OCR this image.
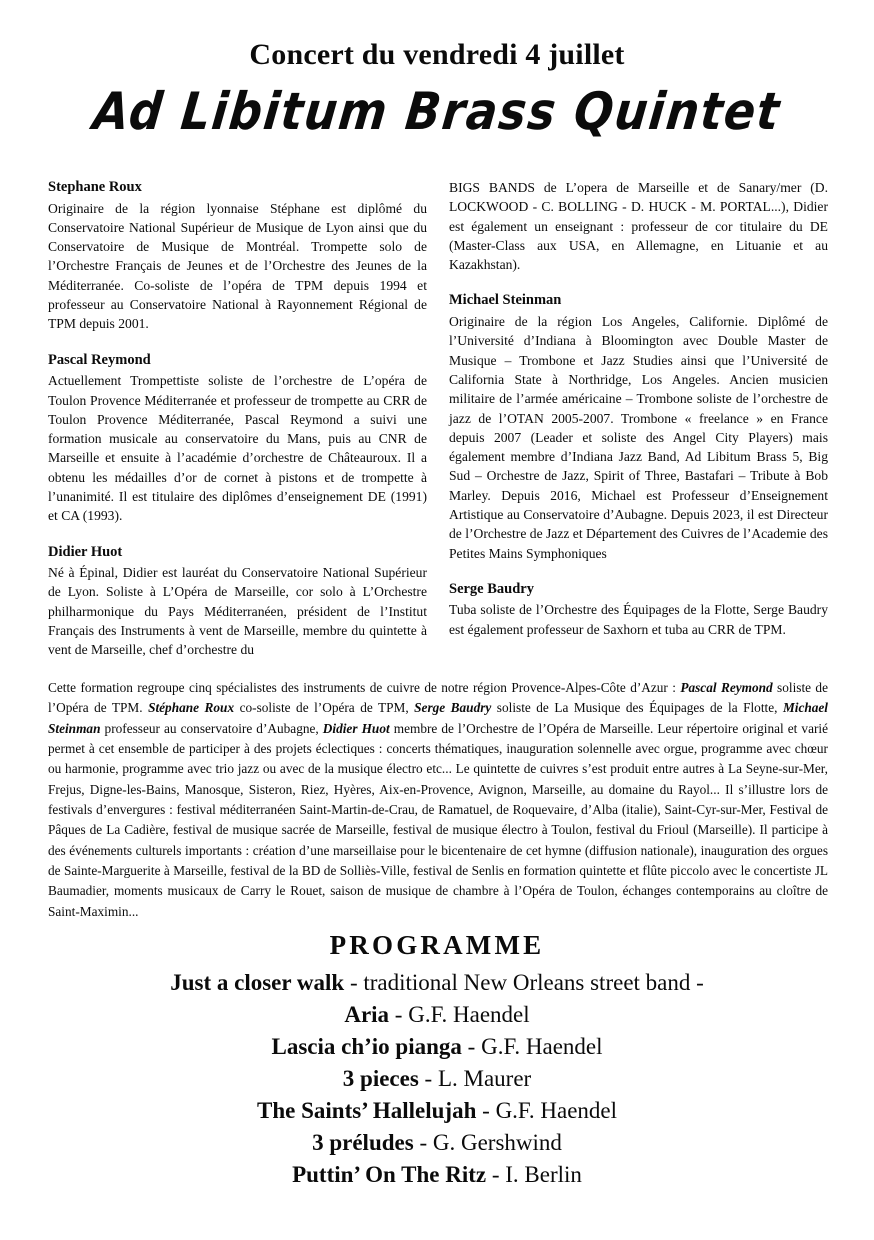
Concert du vendredi 4 juillet
Ad Libitum Brass Quintet
Stephane Roux

Originaire de la région lyonnaise Stéphane est diplômé du Conservatoire National Supérieur de Musique de Lyon ainsi que du Conservatoire de Musique de Montréal. Trompette solo de l’Orchestre Français de Jeunes et de l’Orchestre des Jeunes de la Méditerranée. Co-soliste de l’opéra de TPM depuis 1994 et professeur au Conservatoire National à Rayonnement Régional de TPM depuis 2001.

Pascal Reymond

Actuellement Trompettiste soliste de l’orchestre de L’opéra de Toulon Provence Méditerranée et professeur de trompette au CRR de Toulon Provence Méditerranée, Pascal Reymond a suivi une formation musicale au conservatoire du Mans, puis au CNR de Marseille et ensuite à l’académie d’orchestre de Châteauroux. Il a obtenu les médailles d’or de cornet à pistons et de trompette à l’unanimité. Il est titulaire des diplômes d’enseignement DE (1991) et CA (1993).

Didier Huot

Né à Épinal, Didier est lauréat du Conservatoire National Supérieur de Lyon. Soliste à L’Opéra de Marseille, cor solo à L’Orchestre philharmonique du Pays Méditerranéen, président de l’Institut Français des Instruments à vent de Marseille, membre du quintette à vent de Marseille, chef d’orchestre du

BIGS BANDS de L’opera de Marseille et de Sanary/mer (D. LOCKWOOD - C. BOLLING - D. HUCK - M. PORTAL...), Didier est également un enseignant : professeur de cor titulaire du DE (Master-Class aux USA, en Allemagne, en Lituanie et au Kazakhstan).

Michael Steinman

Originaire de la région Los Angeles, Californie. Diplômé de l’Université d’Indiana à Bloomington avec Double Master de Musique – Trombone et Jazz Studies ainsi que l’Université de California State à Northridge, Los Angeles. Ancien musicien militaire de l’armée américaine – Trombone soliste de l’orchestre de jazz de l’OTAN 2005-2007. Trombone « freelance » en France depuis 2007 (Leader et soliste des Angel City Players) mais également membre d’Indiana Jazz Band, Ad Libitum Brass 5, Big Sud – Orchestre de Jazz, Spirit of Three, Bastafari – Tribute à Bob Marley. Depuis 2016, Michael est Professeur d’Enseignement Artistique au Conservatoire d’Aubagne. Depuis 2023, il est Directeur de l’Orchestre de Jazz et Département des Cuivres de l’Academie des Petites Mains Symphoniques

Serge Baudry

Tuba soliste de l’Orchestre des Équipages de la Flotte, Serge Baudry est également professeur de Saxhorn et tuba au CRR de TPM.

Cette formation regroupe cinq spécialistes des instruments de cuivre de notre région Provence-Alpes-Côte d’Azur : Pascal Reymond soliste de l’Opéra de TPM. Stéphane Roux co-soliste de l’Opéra de TPM, Serge Baudry soliste de La Musique des Équipages de la Flotte, Michael Steinman professeur au conservatoire d’Aubagne, Didier Huot membre de l’Orchestre de l’Opéra de Marseille. Leur répertoire original et varié permet à cet ensemble de participer à des projets éclectiques : concerts thématiques, inauguration solennelle avec orgue, programme avec chœur ou harmonie, programme avec trio jazz ou avec de la musique électro etc... Le quintette de cuivres s’est produit entre autres à La Seyne-sur-Mer, Frejus, Digne-les-Bains, Manosque, Sisteron, Riez, Hyères, Aix-en-Provence, Avignon, Marseille, au domaine du Rayol... Il s’illustre lors de festivals d’envergures : festival méditerranéen Saint-Martin-de-Crau, de Ramatuel, de Roquevaire, d’Alba (italie), Saint-Cyr-sur-Mer, Festival de Pâques de La Cadière, festival de musique sacrée de Marseille, festival de musique électro à Toulon, festival du Frioul (Marseille). Il participe à des événements culturels importants : création d’une marseillaise pour le bicentenaire de cet hymne (diffusion nationale), inauguration des orgues de Sainte-Marguerite à Marseille, festival de la BD de Solliès-Ville, festival de Senlis en formation quintette et flûte piccolo avec le concertiste JL Baumadier, moments musicaux de Carry le Rouet, saison de musique de chambre à l’Opéra de Toulon, échanges contemporains au cloître de Saint-Maximin...
PROGRAMME
Just a closer walk - traditional New Orleans street band -
Aria - G.F. Haendel
Lascia ch’io pianga - G.F. Haendel
3 pieces - L. Maurer
The Saints’ Hallelujah - G.F. Haendel
3 préludes - G. Gershwind
Puttin’ On The Ritz - I. Berlin
